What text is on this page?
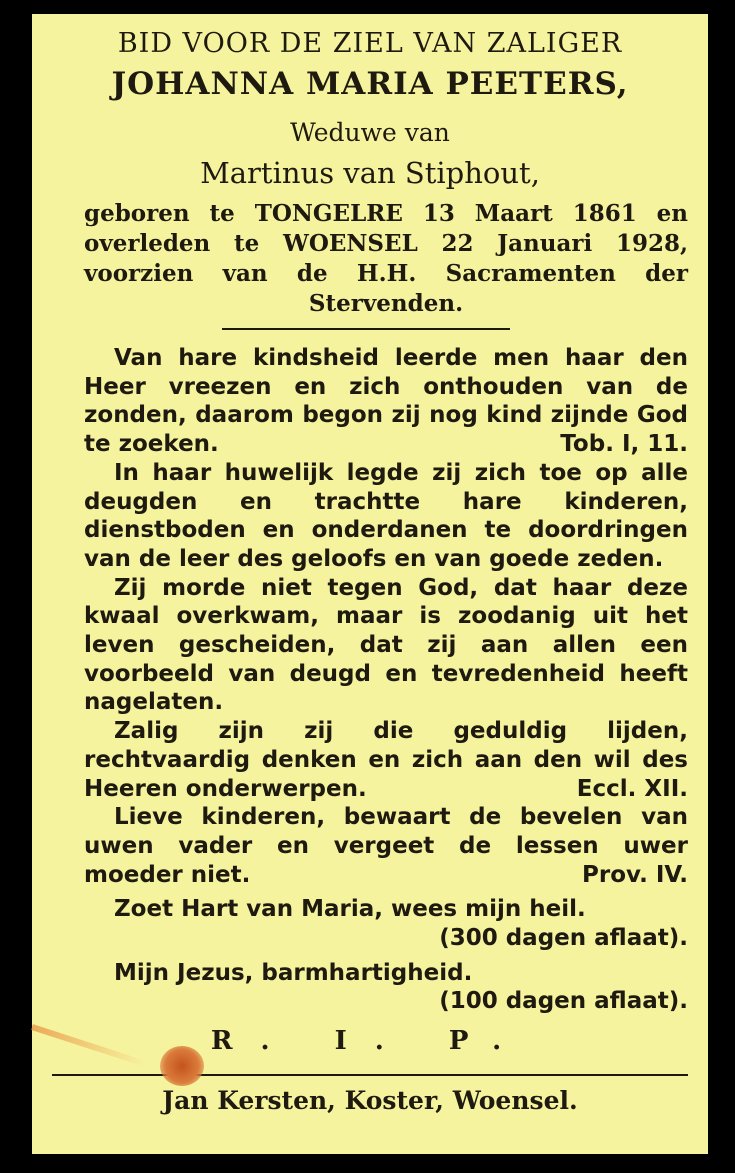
BID VOOR DE ZIEL VAN ZALIGER
JOHANNA MARIA PEETERS,
Weduwe van
Martinus van Stiphout,
geboren te TONGELRE 13 Maart 1861 en
overleden te WOENSEL 22 Januari 1928,
voorzien van de H.H. Sacramenten der
Stervenden.

Van hare kindsheid leerde men haar den Heer vreezen en zich onthouden van de zonden, daarom begon zij nog kind zijnde God te zoeken.	Tob. I, 11.

In haar huwelijk legde zij zich toe op alle deugden en trachtte hare kinderen, dienstboden en onderdanen te doordringen van de leer des geloofs en van goede zeden.

Zij morde niet tegen God, dat haar deze kwaal overkwam, maar is zoodanig uit het leven gescheiden, dat zij aan allen een voorbeeld van deugd en tevredenheid heeft nagelaten.

Zalig zijn zij die geduldig lijden, rechtvaardig denken en zich aan den wil des Heeren onderwerpen.	Eccl. XII.

Lieve kinderen, bewaart de bevelen van uwen vader en vergeet de lessen uwer moeder niet.	Prov. IV.

Zoet Hart van Maria, wees mijn heil.
(300 dagen aflaat).
Mijn Jezus, barmhartigheid.
(100 dagen aflaat).
R. I. P.
Jan Kersten, Koster, Woensel.
